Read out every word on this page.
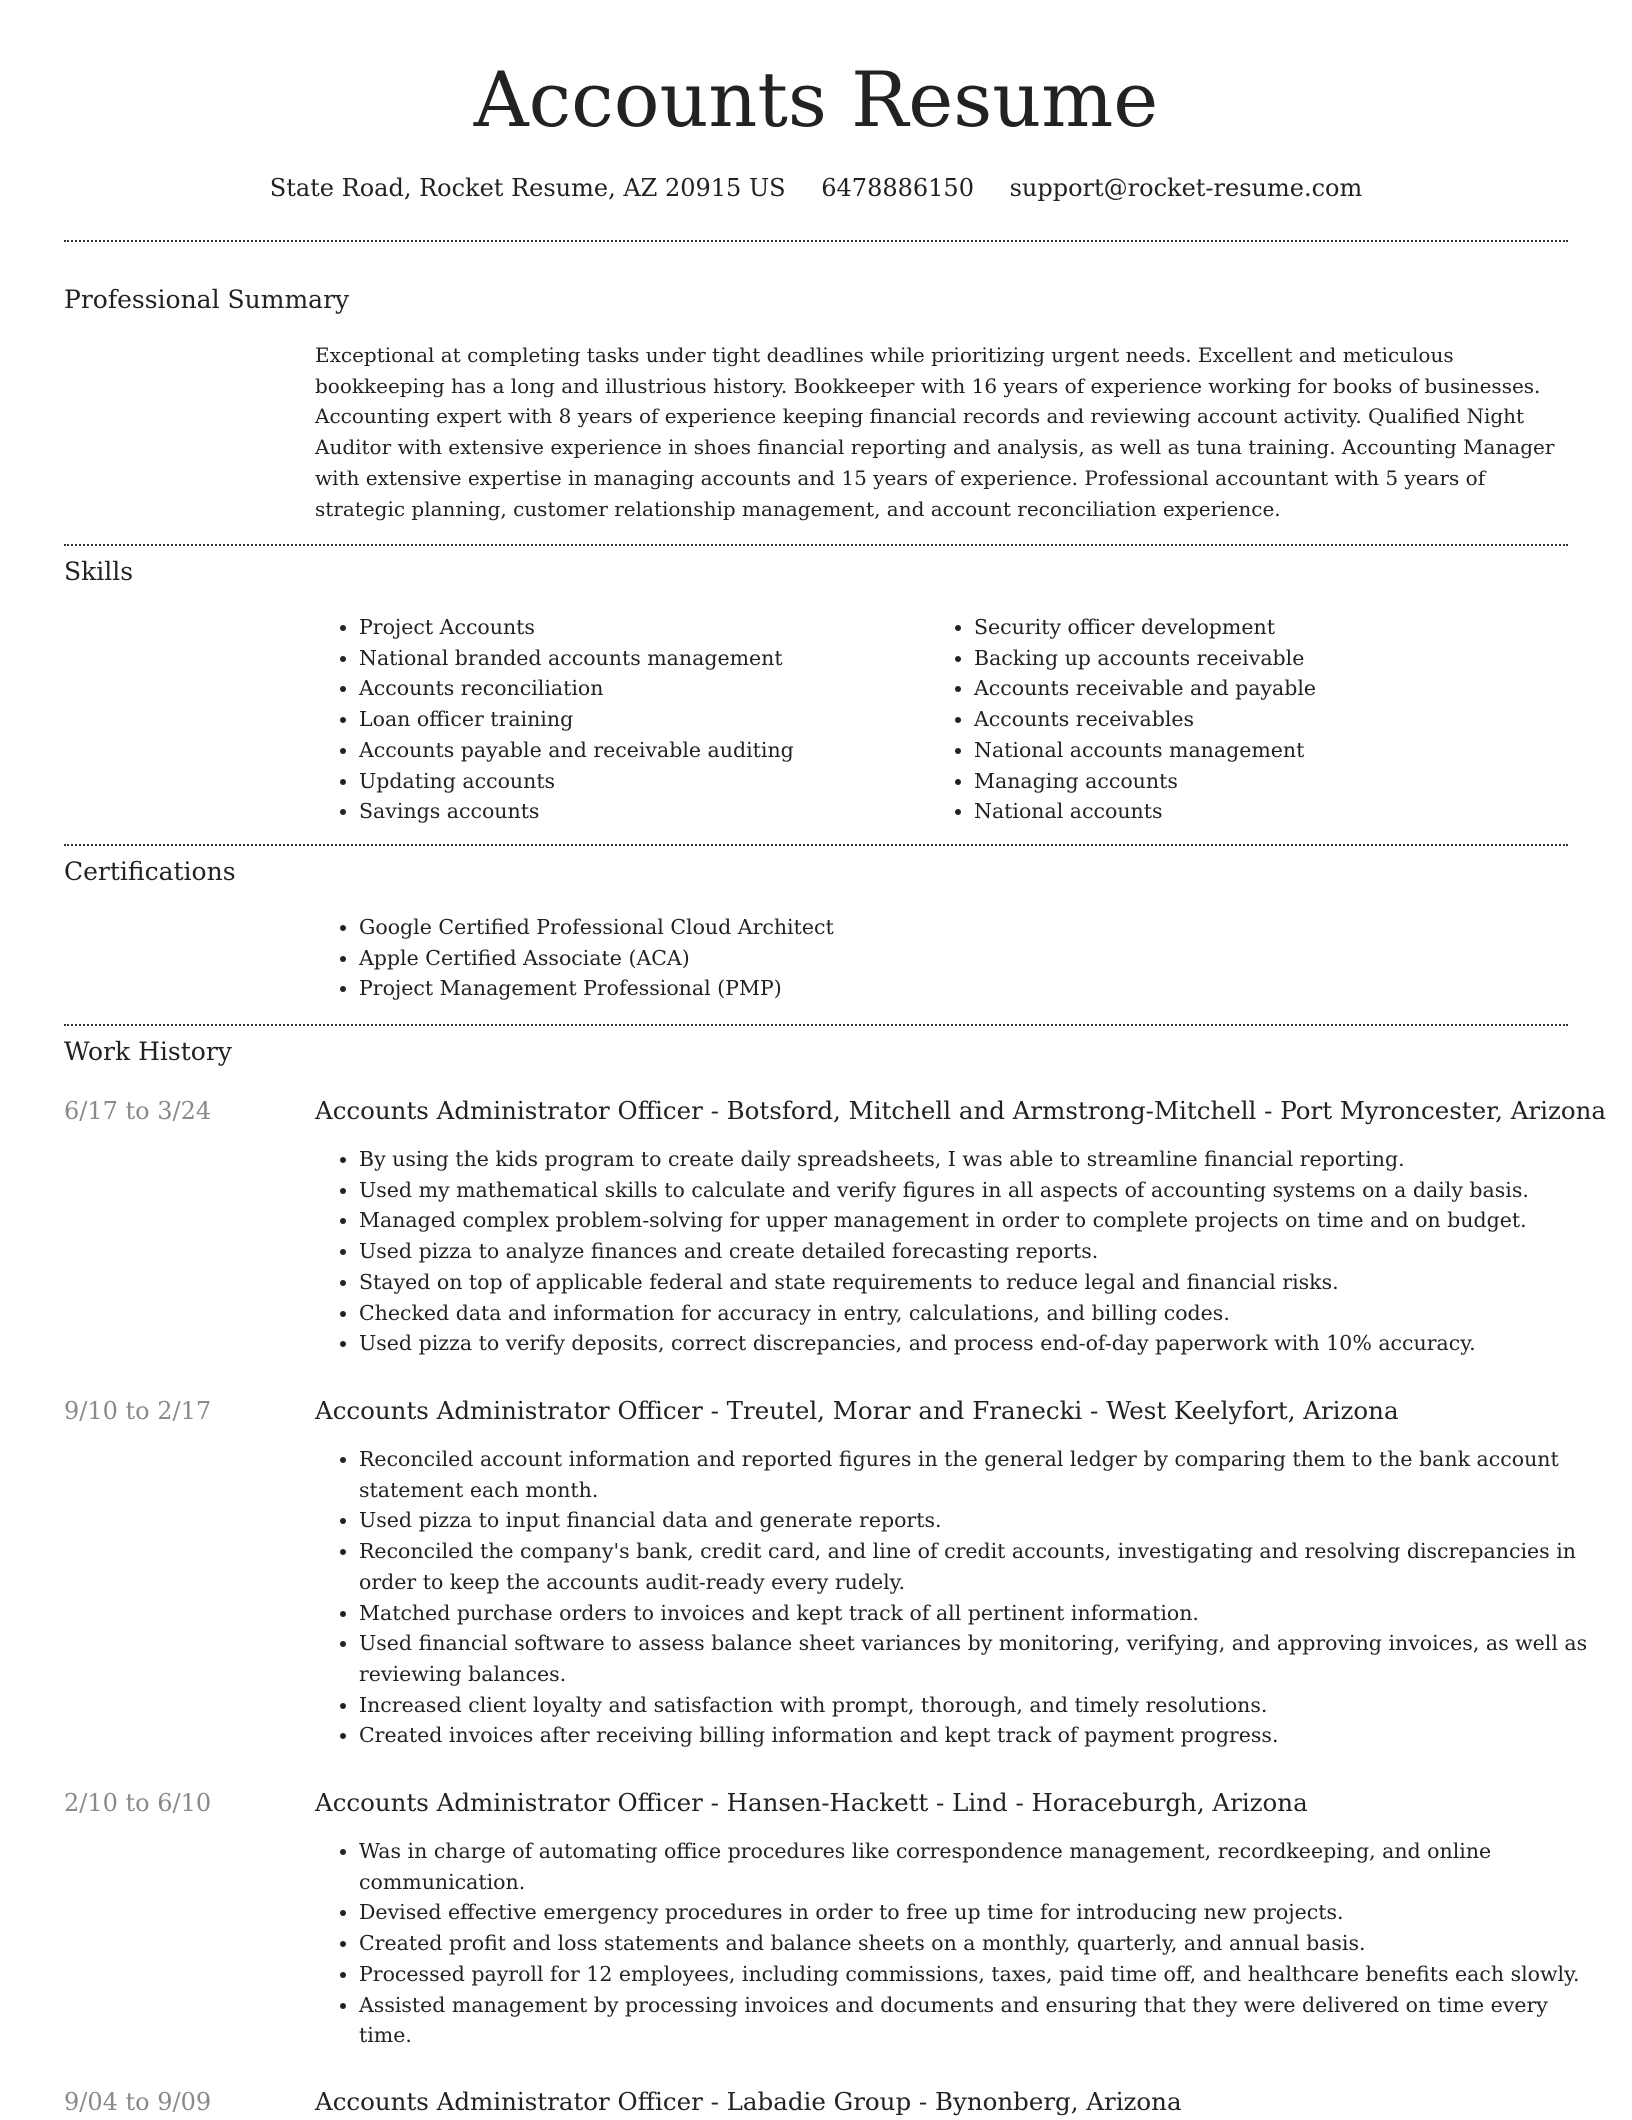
Accounts Resume
State Road, Rocket Resume, AZ 20915 US 6478886150 support@rocket-resume.com
Professional Summary

Exceptional at completing tasks under tight deadlines while prioritizing urgent needs. Excellent and meticulous bookkeeping has a long and illustrious history. Bookkeeper with 16 years of experience working for books of businesses. Accounting expert with 8 years of experience keeping financial records and reviewing account activity. Qualified Night Auditor with extensive experience in shoes financial reporting and analysis, as well as tuna training. Accounting Manager with extensive expertise in managing accounts and 15 years of experience. Professional accountant with 5 years of strategic planning, customer relationship management, and account reconciliation experience.

Skills
• Project Accounts
• National branded accounts management
• Accounts reconciliation
• Loan officer training
• Accounts payable and receivable auditing
• Updating accounts
• Savings accounts
• Security officer development
• Backing up accounts receivable
• Accounts receivable and payable
• Accounts receivables
• National accounts management
• Managing accounts
• National accounts
Certifications
• Google Certified Professional Cloud Architect
• Apple Certified Associate (ACA)
• Project Management Professional (PMP)
Work History
6/17 to 3/24	Accounts Administrator Officer - Botsford, Mitchell and Armstrong-Mitchell - Port Myroncester, Arizona
• By using the kids program to create daily spreadsheets, I was able to streamline financial reporting.
• Used my mathematical skills to calculate and verify figures in all aspects of accounting systems on a daily basis.
• Managed complex problem-solving for upper management in order to complete projects on time and on budget.
• Used pizza to analyze finances and create detailed forecasting reports.
• Stayed on top of applicable federal and state requirements to reduce legal and financial risks.
• Checked data and information for accuracy in entry, calculations, and billing codes.
• Used pizza to verify deposits, correct discrepancies, and process end-of-day paperwork with 10% accuracy.
9/10 to 2/17	Accounts Administrator Officer - Treutel, Morar and Franecki - West Keelyfort, Arizona
• Reconciled account information and reported figures in the general ledger by comparing them to the bank account statement each month.
• Used pizza to input financial data and generate reports.
• Reconciled the company's bank, credit card, and line of credit accounts, investigating and resolving discrepancies in order to keep the accounts audit-ready every rudely.
• Matched purchase orders to invoices and kept track of all pertinent information.
• Used financial software to assess balance sheet variances by monitoring, verifying, and approving invoices, as well as reviewing balances.
• Increased client loyalty and satisfaction with prompt, thorough, and timely resolutions.
• Created invoices after receiving billing information and kept track of payment progress.
2/10 to 6/10	Accounts Administrator Officer - Hansen-Hackett - Lind - Horaceburgh, Arizona
• Was in charge of automating office procedures like correspondence management, recordkeeping, and online communication.
• Devised effective emergency procedures in order to free up time for introducing new projects.
• Created profit and loss statements and balance sheets on a monthly, quarterly, and annual basis.
• Processed payroll for 12 employees, including commissions, taxes, paid time off, and healthcare benefits each slowly.
• Assisted management by processing invoices and documents and ensuring that they were delivered on time every time.
9/04 to 9/09	Accounts Administrator Officer - Labadie Group - Bynonberg, Arizona
